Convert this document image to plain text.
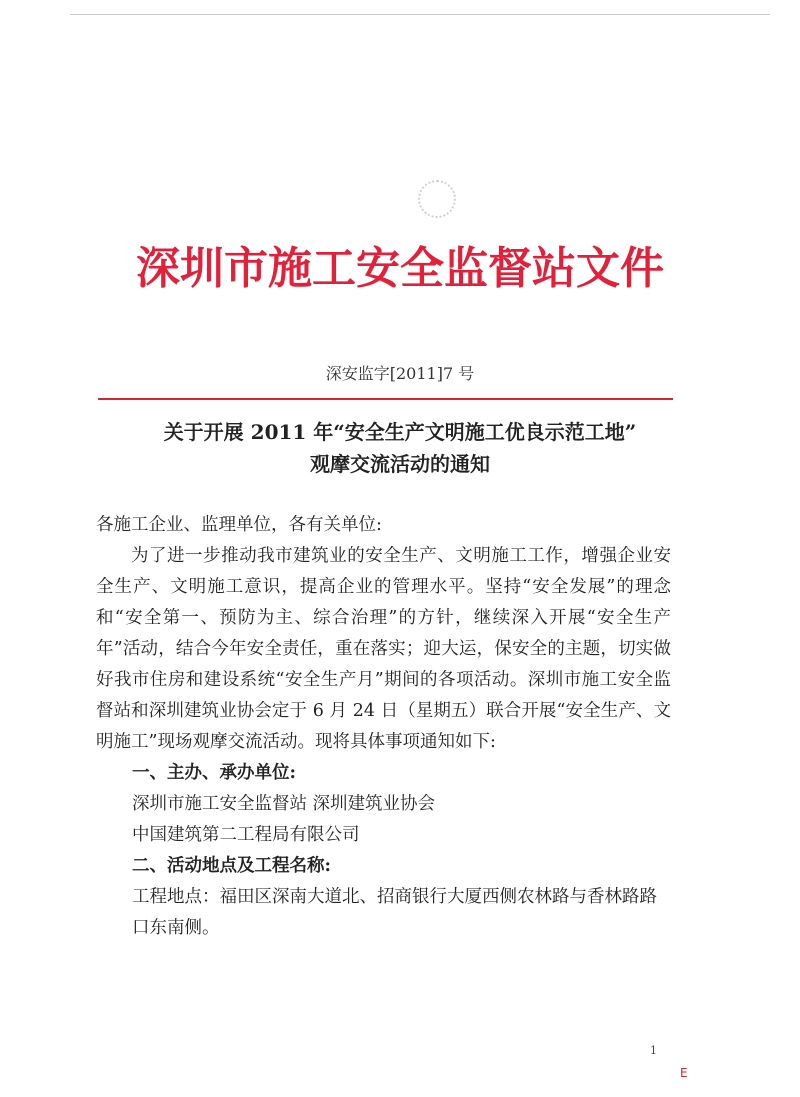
深圳市施工安全监督站文件
深安监字[2011]7 号
关于开展 2011 年“安全生产文明施工优良示范工地”
观摩交流活动的通知

各施工企业、监理单位，各有关单位:

为了进一步推动我市建筑业的安全生产、文明施工工作，增强企业安全生产、文明施工意识，提高企业的管理水平。坚持“安全发展”的理念和“安全第一、预防为主、综合治理”的方针，继续深入开展“安全生产年”活动，结合今年安全责任，重在落实；迎大运，保安全的主题，切实做好我市住房和建设系统“安全生产月”期间的各项活动。深圳市施工安全监督站和深圳建筑业协会定于 6 月 24 日（星期五）联合开展“安全生产、文明施工”现场观摩交流活动。现将具体事项通知如下:

一、主办、承办单位:

深圳市施工安全监督站 深圳建筑业协会

中国建筑第二工程局有限公司

二、活动地点及工程名称:

工程地点：福田区深南大道北、招商银行大厦西侧农林路与香林路路口东南侧。

1
E
